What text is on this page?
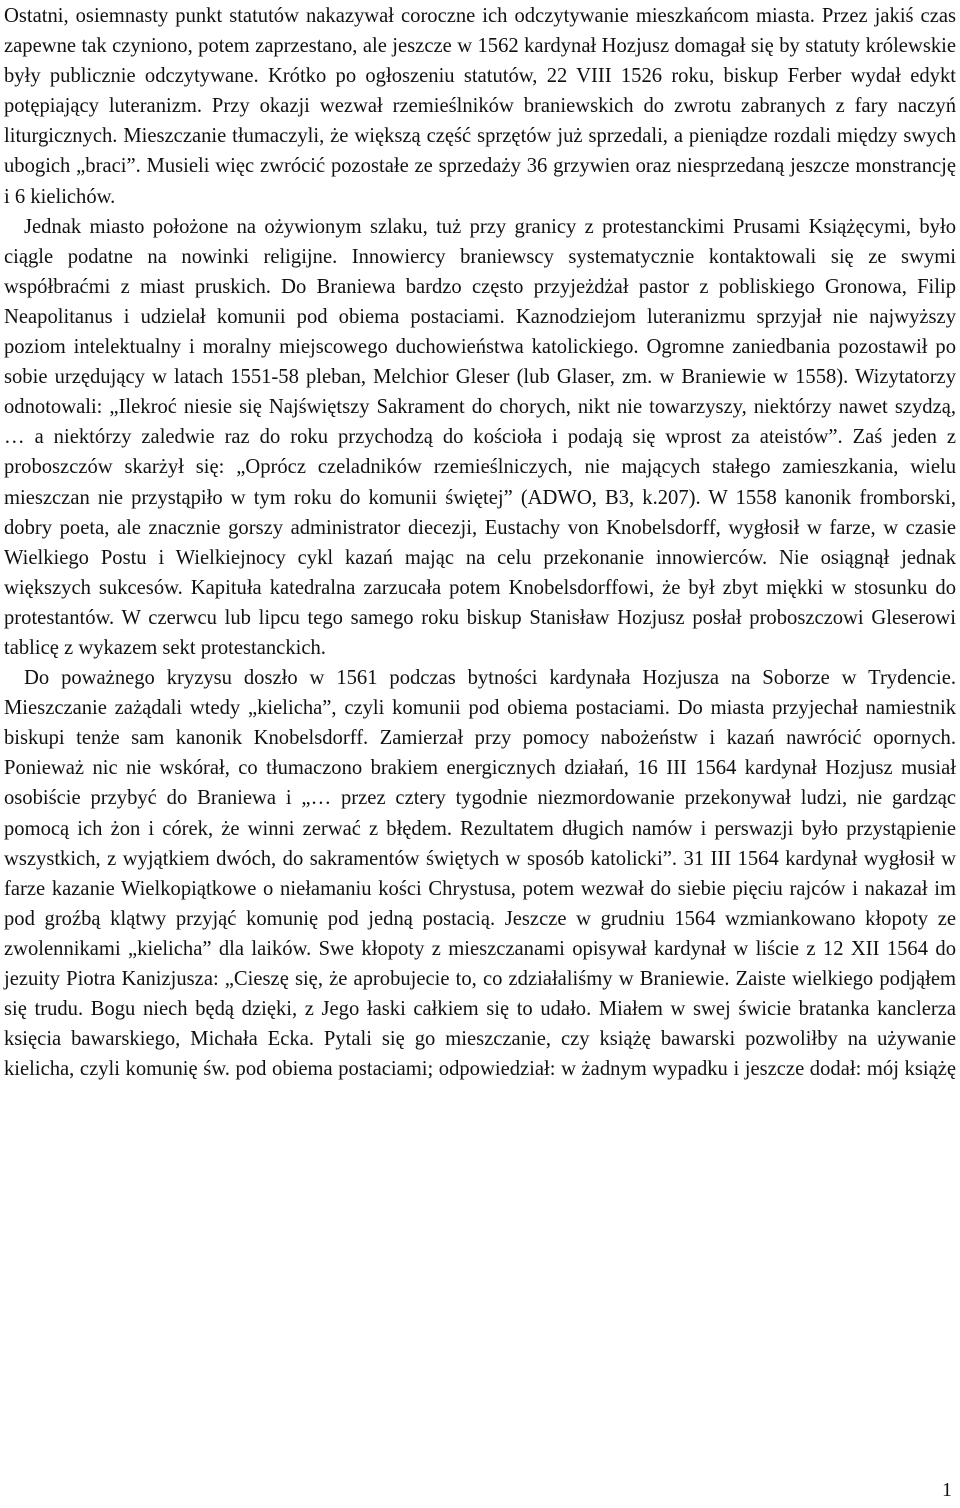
Ostatni, osiemnasty punkt statutów nakazywał coroczne ich odczytywanie mieszkańcom miasta. Przez jakiś czas zapewne tak czyniono, potem zaprzestano, ale jeszcze w 1562 kardynał Hozjusz domagał się by statuty królewskie były publicznie odczytywane. Krótko po ogłoszeniu statutów, 22 VIII 1526 roku, biskup Ferber wydał edykt potępiający luteranizm. Przy okazji wezwał rzemieślników braniewskich do zwrotu zabranych z fary naczyń liturgicznych. Mieszczanie tłumaczyli, że większą część sprzętów już sprzedali, a pieniądze rozdali między swych ubogich „braci”. Musieli więc zwrócić pozostałe ze sprzedaży 36 grzywien oraz niesprzedaną jeszcze monstrancję i 6 kielichów.

Jednak miasto położone na ożywionym szlaku, tuż przy granicy z protestanckimi Prusami Książęcymi, było ciągle podatne na nowinki religijne. Innowiercy braniewscy systematycznie kontaktowali się ze swymi współbraćmi z miast pruskich. Do Braniewa bardzo często przyjeżdżał pastor z pobliskiego Gronowa, Filip Neapolitanus i udzielał komunii pod obiema postaciami. Kaznodziejom luteranizmu sprzyjał nie najwyższy poziom intelektualny i moralny miejscowego duchowieństwa katolickiego. Ogromne zaniedbania pozostawił po sobie urzędujący w latach 1551-58 pleban, Melchior Gleser (lub Glaser, zm. w Braniewie w 1558). Wizytatorzy odnotowali: „Ilekroć niesie się Najświętszy Sakrament do chorych, nikt nie towarzyszy, niektórzy nawet szydzą, … a niektórzy zaledwie raz do roku przychodzą do kościoła i podają się wprost za ateistów”. Zaś jeden z proboszczów skarżył się: „Oprócz czeladników rzemieślniczych, nie mających stałego zamieszkania, wielu mieszczan nie przystąpiło w tym roku do komunii świętej” (ADWO, B3, k.207). W 1558 kanonik fromborski, dobry poeta, ale znacznie gorszy administrator diecezji, Eustachy von Knobelsdorff, wygłosił w farze, w czasie Wielkiego Postu i Wielkiejnocy cykl kazań mając na celu przekonanie innowierców. Nie osiągnął jednak większych sukcesów. Kapituła katedralna zarzucała potem Knobelsdorffowi, że był zbyt miękki w stosunku do protestantów. W czerwcu lub lipcu tego samego roku biskup Stanisław Hozjusz posłał proboszczowi Gleserowi tablicę z wykazem sekt protestanckich.

Do poważnego kryzysu doszło w 1561 podczas bytności kardynała Hozjusza na Soborze w Trydencie. Mieszczanie zażądali wtedy „kielicha”, czyli komunii pod obiema postaciami. Do miasta przyjechał namiestnik biskupi tenże sam kanonik Knobelsdorff. Zamierzał przy pomocy nabożeństw i kazań nawrócić opornych. Ponieważ nic nie wskórał, co tłumaczono brakiem energicznych działań, 16 III 1564 kardynał Hozjusz musiał osobiście przybyć do Braniewa i „… przez cztery tygodnie niezmordowanie przekonywał ludzi, nie gardząc pomocą ich żon i córek, że winni zerwać z błędem. Rezultatem długich namów i perswazji było przystąpienie wszystkich, z wyjątkiem dwóch, do sakramentów świętych w sposób katolicki”. 31 III 1564 kardynał wygłosił w farze kazanie Wielkopiątkowe o niełamaniu kości Chrystusa, potem wezwał do siebie pięciu rajców i nakazał im pod groźbą klątwy przyjąć komunię pod jedną postacią. Jeszcze w grudniu 1564 wzmiankowano kłopoty ze zwolennikami „kielicha” dla laików. Swe kłopoty z mieszczanami opisywał kardynał w liście z 12 XII 1564 do jezuity Piotra Kanizjusza: „Cieszę się, że aprobujecie to, co zdziałaliśmy w Braniewie. Zaiste wielkiego podjąłem się trudu. Bogu niech będą dzięki, z Jego łaski całkiem się to udało. Miałem w swej świcie bratanka kanclerza księcia bawarskiego, Michała Ecka. Pytali się go mieszczanie, czy książę bawarski pozwoliłby na używanie kielicha, czyli komunię św. pod obiema postaciami; odpowiedział: w żadnym wypadku i jeszcze dodał: mój książę

1
